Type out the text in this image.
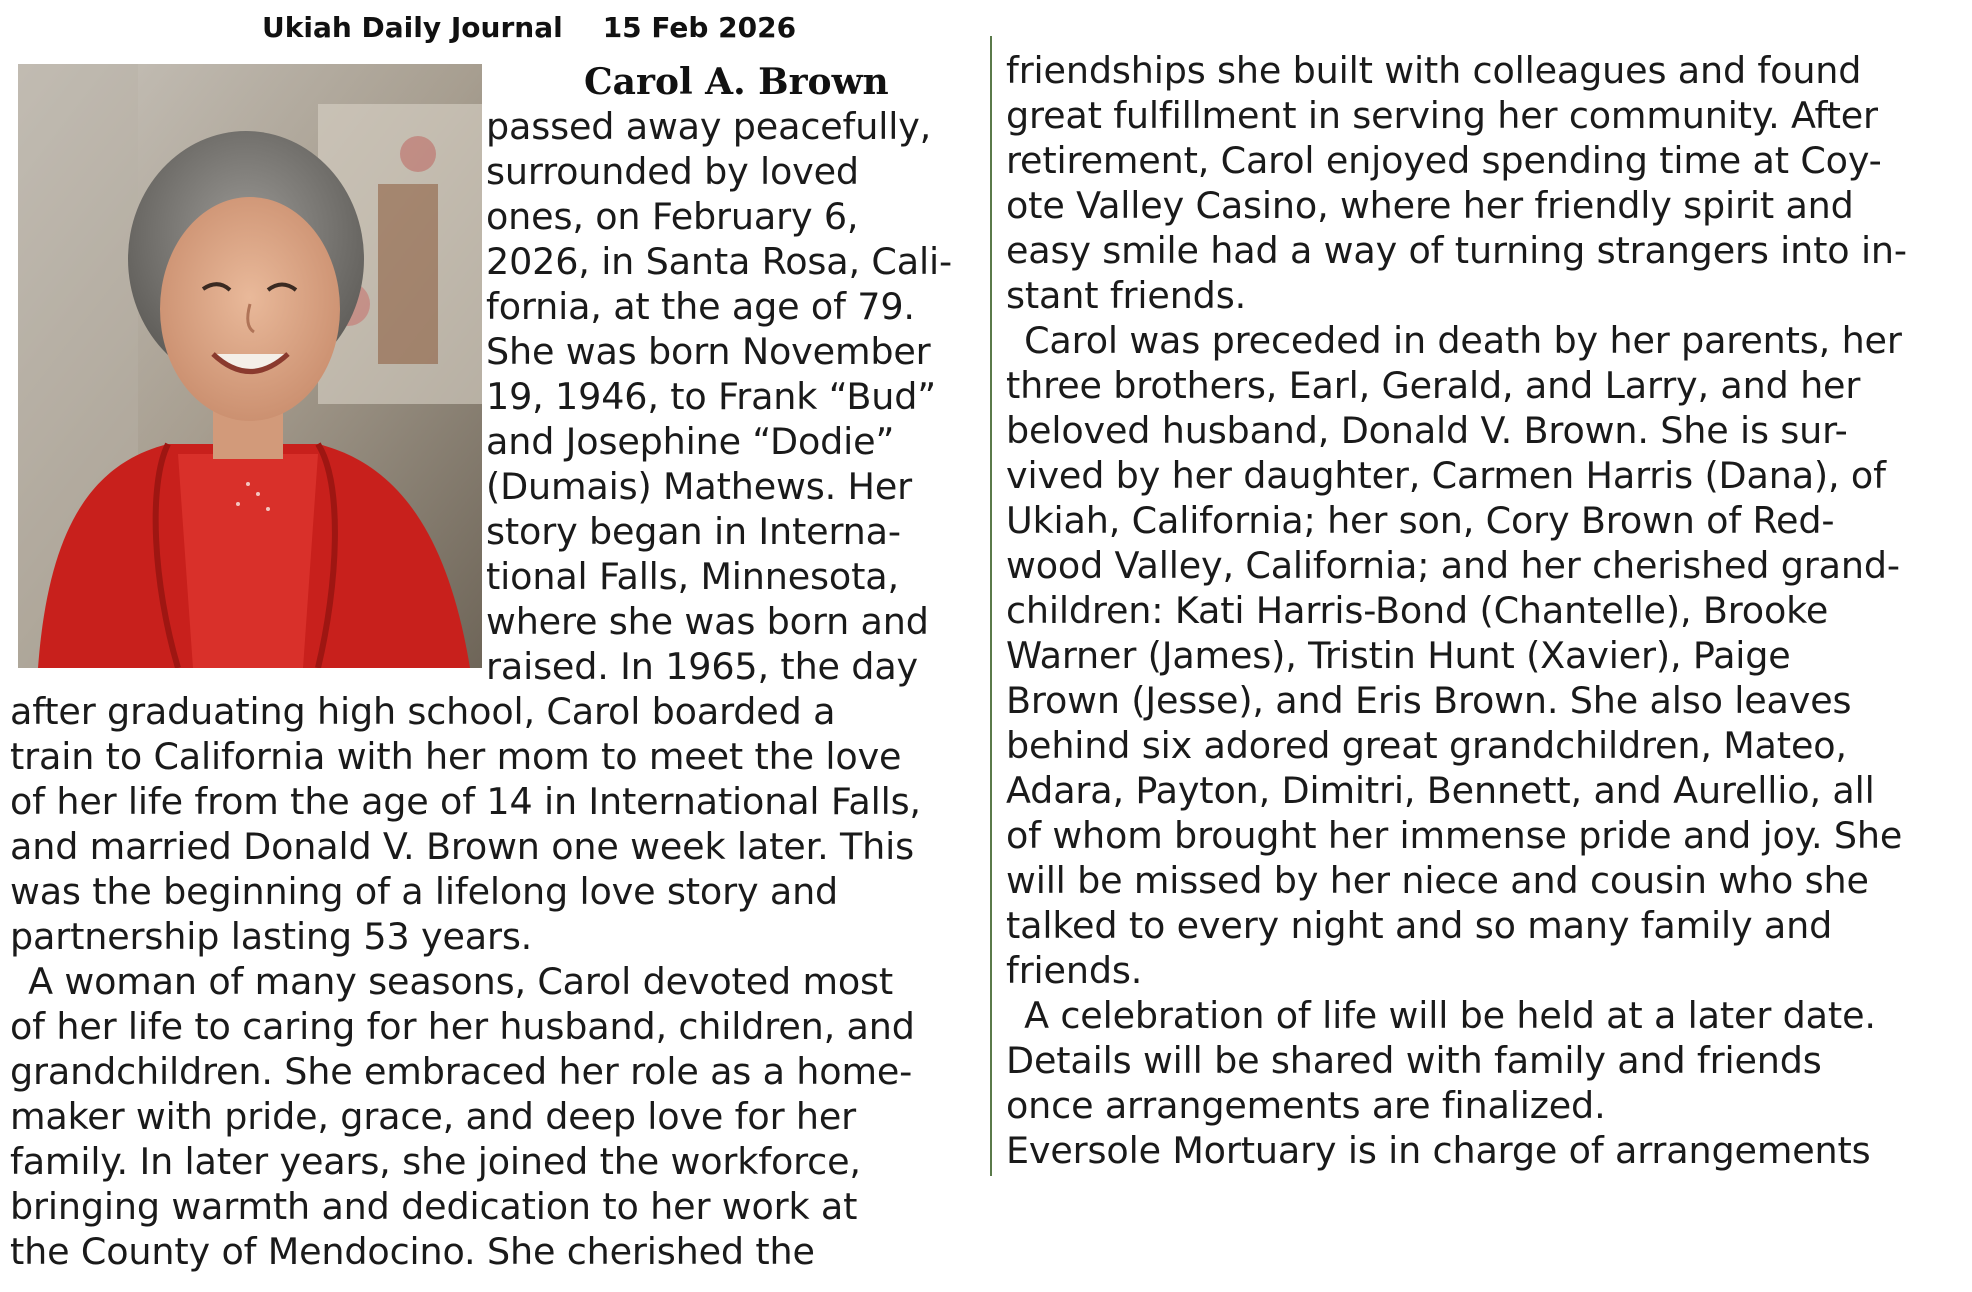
Ukiah Daily Journal 15 Feb 2026
Carol A. Brown
passed away peacefully,
surrounded by loved
ones, on February 6,
2026, in Santa Rosa, Cali-
fornia, at the age of 79.
She was born November
19, 1946, to Frank “Bud”
and Josephine “Dodie”
(Dumais) Mathews. Her
story began in Interna-
tional Falls, Minnesota,
where she was born and
raised. In 1965, the day
after graduating high school, Carol boarded a
train to California with her mom to meet the love
of her life from the age of 14 in International Falls,
and married Donald V. Brown one week later. This
was the beginning of a lifelong love story and
partnership lasting 53 years.
 A woman of many seasons, Carol devoted most
of her life to caring for her husband, children, and
grandchildren. She embraced her role as a home-
maker with pride, grace, and deep love for her
family. In later years, she joined the workforce,
bringing warmth and dedication to her work at
the County of Mendocino. She cherished the
friendships she built with colleagues and found
great fulfillment in serving her community. After
retirement, Carol enjoyed spending time at Coy-
ote Valley Casino, where her friendly spirit and
easy smile had a way of turning strangers into in-
stant friends.
 Carol was preceded in death by her parents, her
three brothers, Earl, Gerald, and Larry, and her
beloved husband, Donald V. Brown. She is sur-
vived by her daughter, Carmen Harris (Dana), of
Ukiah, California; her son, Cory Brown of Red-
wood Valley, California; and her cherished grand-
children: Kati Harris-Bond (Chantelle), Brooke
Warner (James), Tristin Hunt (Xavier), Paige
Brown (Jesse), and Eris Brown. She also leaves
behind six adored great grandchildren, Mateo,
Adara, Payton, Dimitri, Bennett, and Aurellio, all
of whom brought her immense pride and joy. She
will be missed by her niece and cousin who she
talked to every night and so many family and
friends.
 A celebration of life will be held at a later date.
Details will be shared with family and friends
once arrangements are finalized.
Eversole Mortuary is in charge of arrangements
